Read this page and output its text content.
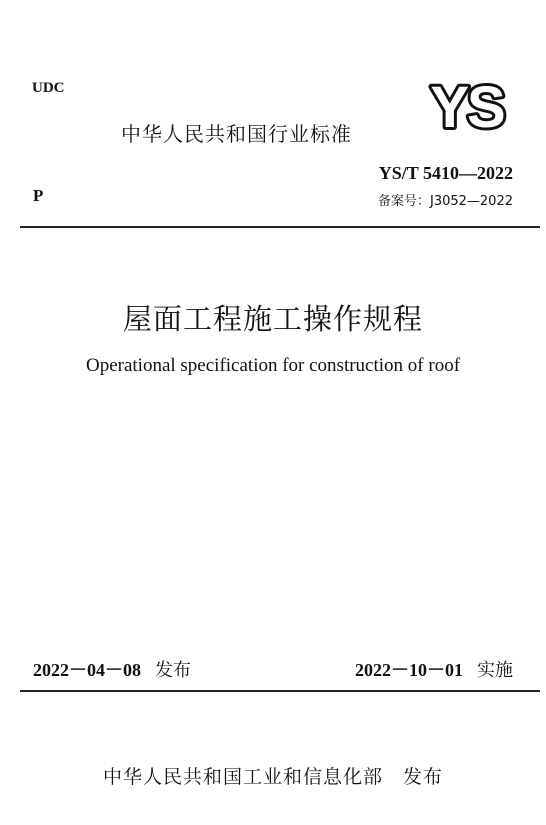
UDC
中华人民共和国行业标准 YS
YS/T 5410—2022
备案号：J3052—2022
P
屋面工程施工操作规程
Operational specification for construction of roof
2022－04－08 发布	2022－10－01 实施
中华人民共和国工业和信息化部　发布
